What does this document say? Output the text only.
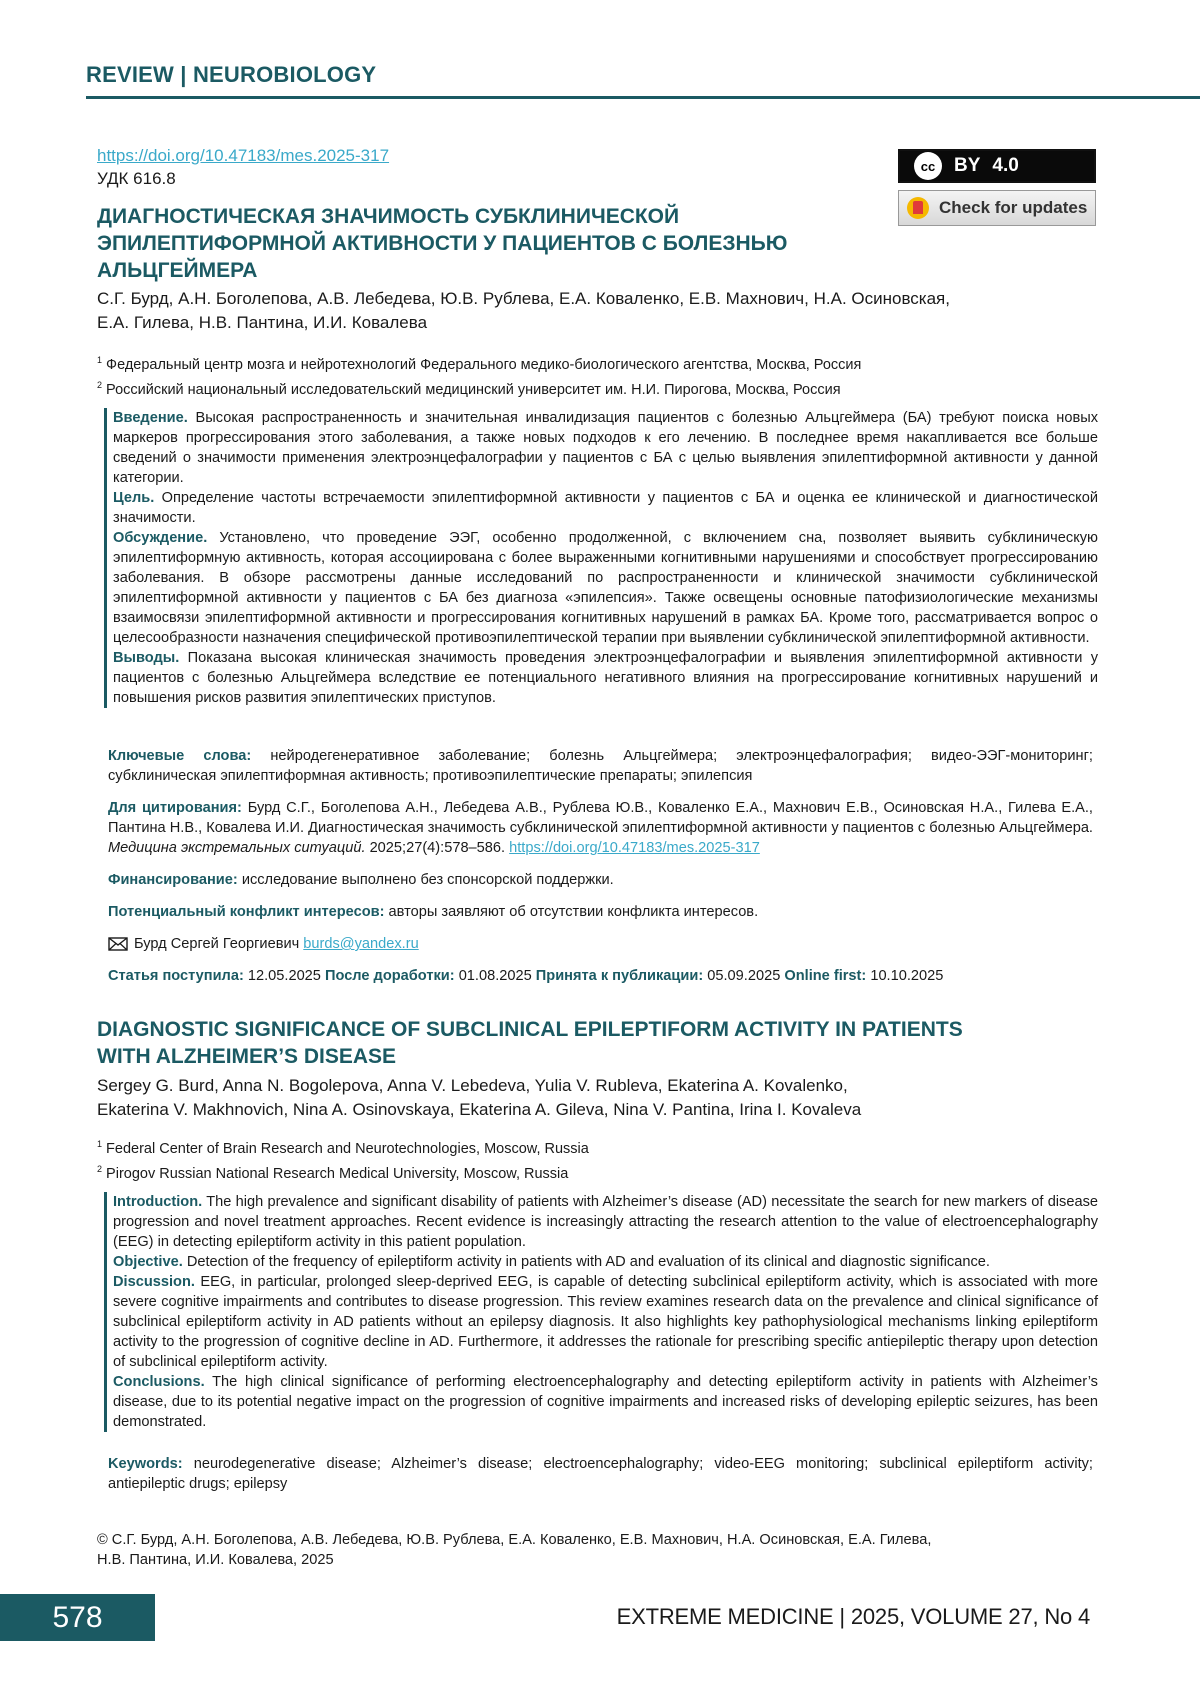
REVIEW | NEUROBIOLOGY
https://doi.org/10.47183/mes.2025-317
УДК 616.8
cc BY 4.0
Check for updates
ДИАГНОСТИЧЕСКАЯ ЗНАЧИМОСТЬ СУБКЛИНИЧЕСКОЙ
ЭПИЛЕПТИФОРМНОЙ АКТИВНОСТИ У ПАЦИЕНТОВ С БОЛЕЗНЬЮ
АЛЬЦГЕЙМЕРА
С.Г. Бурд, А.Н. Боголепова, А.В. Лебедева, Ю.В. Рублева, Е.А. Коваленко, Е.В. Махнович, Н.А. Осиновская,
Е.А. Гилева, Н.В. Пантина, И.И. Ковалева
$^1$ Федеральный центр мозга и нейротехнологий Федерального медико-биологического агентства, Москва, Россия
$^2$ Российский национальный исследовательский медицинский университет им. Н.И. Пирогова, Москва, Россия

Введение. Высокая распространенность и значительная инвалидизация пациентов с болезнью Альцгеймера (БА) требуют поиска новых маркеров прогрессирования этого заболевания, а также новых подходов к его лечению. В последнее время накапливается все больше сведений о значимости применения электроэнцефалографии у пациентов с БА с целью выявления эпилептиформной активности у данной категории.

Цель. Определение частоты встречаемости эпилептиформной активности у пациентов с БА и оценка ее клинической и диагностической значимости.

Обсуждение. Установлено, что проведение ЭЭГ, особенно продолженной, с включением сна, позволяет выявить субклиническую эпилептиформную активность, которая ассоциирована с более выраженными когнитивными нарушениями и способствует прогрессированию заболевания. В обзоре рассмотрены данные исследований по распространенности и клинической значимости субклинической эпилептиформной активности у пациентов с БА без диагноза «эпилепсия». Также освещены основные патофизиологические механизмы взаимосвязи эпилептиформной активности и прогрессирования когнитивных нарушений в рамках БА. Кроме того, рассматривается вопрос о целесообразности назначения специфической противоэпилептической терапии при выявлении субклинической эпилептиформной активности.

Выводы. Показана высокая клиническая значимость проведения электроэнцефалографии и выявления эпилептиформной активности у пациентов с болезнью Альцгеймера вследствие ее потенциального негативного влияния на прогрессирование когнитивных нарушений и повышения рисков развития эпилептических приступов.

Ключевые слова: нейродегенеративное заболевание; болезнь Альцгеймера; электроэнцефалография; видео-ЭЭГ-мониторинг; субклиническая эпилептиформная активность; противоэпилептические препараты; эпилепсия

Для цитирования: Бурд С.Г., Боголепова А.Н., Лебедева А.В., Рублева Ю.В., Коваленко Е.А., Махнович Е.В., Осиновская Н.А., Гилева Е.А., Пантина Н.В., Ковалева И.И. Диагностическая значимость субклинической эпилептиформной активности у пациентов с болезнью Альцгеймера. Медицина экстремальных ситуаций. 2025;27(4):578–586. https://doi.org/10.47183/mes.2025-317

Финансирование: исследование выполнено без спонсорской поддержки.

Потенциальный конфликт интересов: авторы заявляют об отсутствии конфликта интересов.

Бурд Сергей Георгиевич burds@yandex.ru

Статья поступила: 12.05.2025 После доработки: 01.08.2025 Принята к публикации: 05.09.2025 Online first: 10.10.2025

DIAGNOSTIC SIGNIFICANCE OF SUBCLINICAL EPILEPTIFORM ACTIVITY IN PATIENTS
WITH ALZHEIMER’S DISEASE
Sergey G. Burd, Anna N. Bogolepova, Anna V. Lebedeva, Yulia V. Rubleva, Ekaterina A. Kovalenko,
Ekaterina V. Makhnovich, Nina A. Osinovskaya, Ekaterina A. Gileva, Nina V. Pantina, Irina I. Kovaleva
$^1$ Federal Center of Brain Research and Neurotechnologies, Moscow, Russia
$^2$ Pirogov Russian National Research Medical University, Moscow, Russia

Introduction. The high prevalence and significant disability of patients with Alzheimer’s disease (AD) necessitate the search for new markers of disease progression and novel treatment approaches. Recent evidence is increasingly attracting the research attention to the value of electroencephalography (EEG) in detecting epileptiform activity in this patient population.

Objective. Detection of the frequency of epileptiform activity in patients with AD and evaluation of its clinical and diagnostic significance.

Discussion. EEG, in particular, prolonged sleep-deprived EEG, is capable of detecting subclinical epileptiform activity, which is associated with more severe cognitive impairments and contributes to disease progression. This review examines research data on the prevalence and clinical significance of subclinical epileptiform activity in AD patients without an epilepsy diagnosis. It also highlights key pathophysiological mechanisms linking epileptiform activity to the progression of cognitive decline in AD. Furthermore, it addresses the rationale for prescribing specific antiepileptic therapy upon detection of subclinical epileptiform activity.

Conclusions. The high clinical significance of performing electroencephalography and detecting epileptiform activity in patients with Alzheimer’s disease, due to its potential negative impact on the progression of cognitive impairments and increased risks of developing epileptic seizures, has been demonstrated.

Keywords: neurodegenerative disease; Alzheimer’s disease; electroencephalography; video-EEG monitoring; subclinical epileptiform activity; antiepileptic drugs; epilepsy

© С.Г. Бурд, А.Н. Боголепова, А.В. Лебедева, Ю.В. Рублева, Е.А. Коваленко, Е.В. Махнович, Н.А. Осиновская, Е.А. Гилева,
Н.В. Пантина, И.И. Ковалева, 2025
578	EXTREME MEDICINE | 2025, VOLUME 27, No 4
